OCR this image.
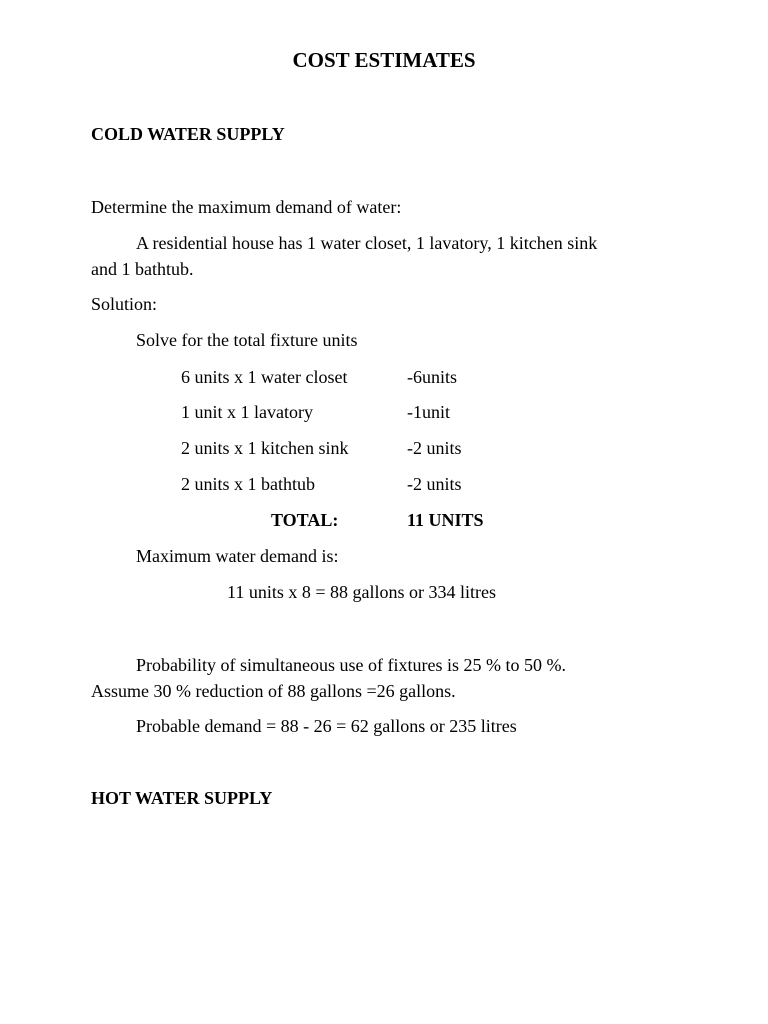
COST ESTIMATES
COLD WATER SUPPLY
Determine the maximum demand of water:
A residential house has 1 water closet, 1 lavatory, 1 kitchen sink
and 1 bathtub.
Solution:
Solve for the total fixture units
6 units x 1 water closet	-6units
1 unit x 1 lavatory	-1unit
2 units x 1 kitchen sink	-2 units
2 units x 1 bathtub	-2 units
TOTAL:	11 UNITS
Maximum water demand is:
11 units x 8 = 88 gallons or 334 litres
Probability of simultaneous use of fixtures is 25 % to 50 %.
Assume 30 % reduction of 88 gallons =26 gallons.
Probable demand = 88 - 26 = 62 gallons or 235 litres
HOT WATER SUPPLY
